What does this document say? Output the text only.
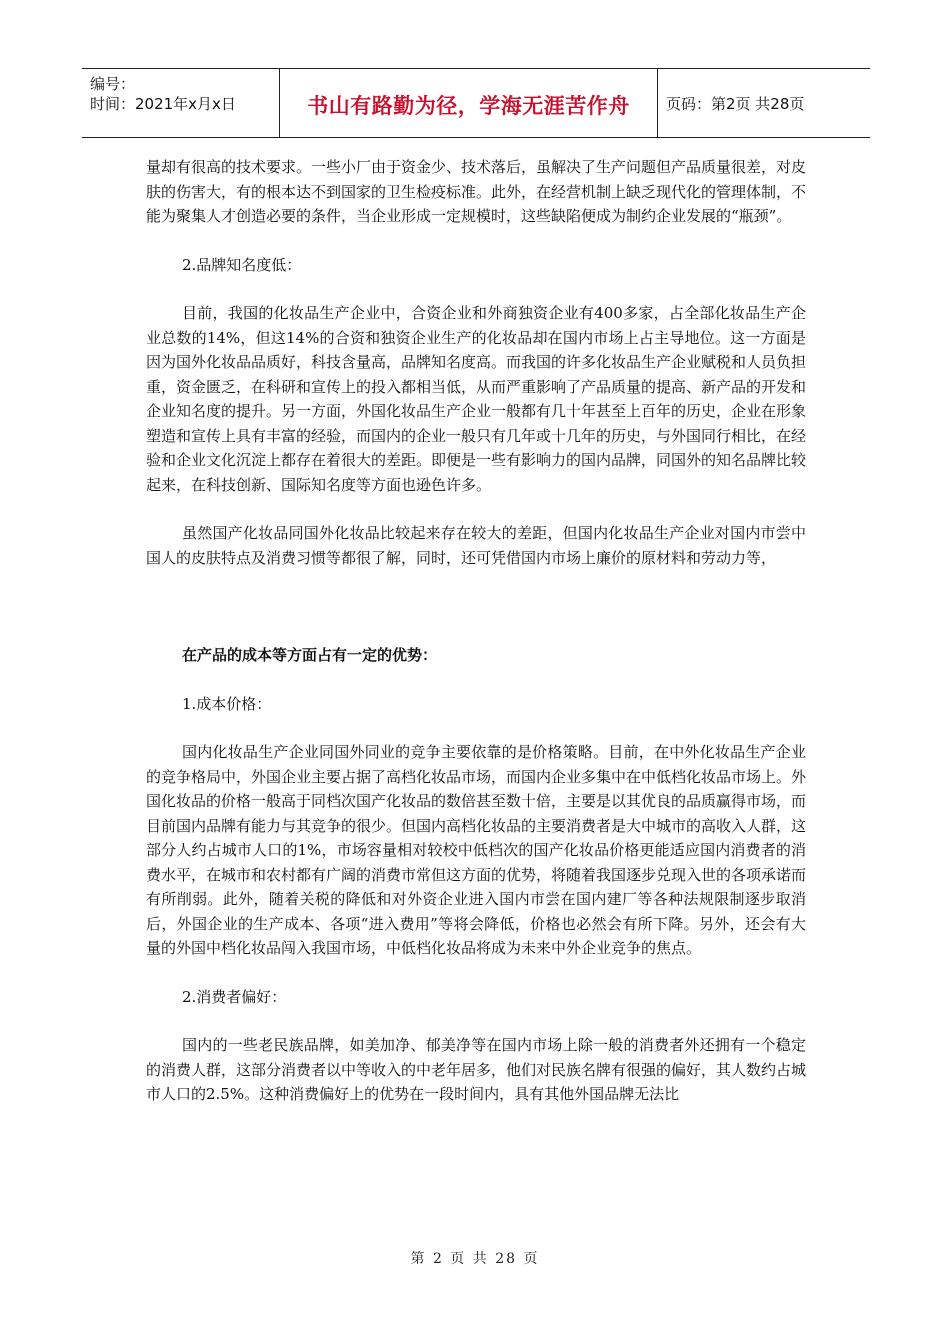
编号：
时间：2021年x月x日	书山有路勤为径，学海无涯苦作舟 页码：第2页 共28页

量却有很高的技术要求。一些小厂由于资金少、技术落后，虽解决了生产问题但产品质量很差，对皮肤的伤害大，有的根本达不到国家的卫生检疫标准。此外，在经营机制上缺乏现代化的管理体制，不能为聚集人才创造必要的条件，当企业形成一定规模时，这些缺陷便成为制约企业发展的“瓶颈”。

2.品牌知名度低：

目前，我国的化妆品生产企业中，合资企业和外商独资企业有400多家，占全部化妆品生产企业总数的14%，但这14%的合资和独资企业生产的化妆品却在国内市场上占主导地位。这一方面是因为国外化妆品品质好，科技含量高，品牌知名度高。而我国的许多化妆品生产企业赋税和人员负担重，资金匮乏，在科研和宣传上的投入都相当低，从而严重影响了产品质量的提高、新产品的开发和企业知名度的提升。另一方面，外国化妆品生产企业一般都有几十年甚至上百年的历史，企业在形象塑造和宣传上具有丰富的经验，而国内的企业一般只有几年或十几年的历史，与外国同行相比，在经验和企业文化沉淀上都存在着很大的差距。即便是一些有影响力的国内品牌，同国外的知名品牌比较起来，在科技创新、国际知名度等方面也逊色许多。

虽然国产化妆品同国外化妆品比较起来存在较大的差距，但国内化妆品生产企业对国内市尝中国人的皮肤特点及消费习惯等都很了解，同时，还可凭借国内市场上廉价的原材料和劳动力等，

在产品的成本等方面占有一定的优势：

1.成本价格：

国内化妆品生产企业同国外同业的竞争主要依靠的是价格策略。目前，在中外化妆品生产企业的竞争格局中，外国企业主要占据了高档化妆品市场，而国内企业多集中在中低档化妆品市场上。外国化妆品的价格一般高于同档次国产化妆品的数倍甚至数十倍，主要是以其优良的品质赢得市场，而目前国内品牌有能力与其竞争的很少。但国内高档化妆品的主要消费者是大中城市的高收入人群，这部分人约占城市人口的1%，市场容量相对较校中低档次的国产化妆品价格更能适应国内消费者的消费水平，在城市和农村都有广阔的消费市常但这方面的优势，将随着我国逐步兑现入世的各项承诺而有所削弱。此外，随着关税的降低和对外资企业进入国内市尝在国内建厂等各种法规限制逐步取消后，外国企业的生产成本、各项“进入费用”等将会降低，价格也必然会有所下降。另外，还会有大量的外国中档化妆品闯入我国市场，中低档化妆品将成为未来中外企业竞争的焦点。

2.消费者偏好：

国内的一些老民族品牌，如美加净、郁美净等在国内市场上除一般的消费者外还拥有一个稳定的消费人群，这部分消费者以中等收入的中老年居多，他们对民族名牌有很强的偏好，其人数约占城市人口的2.5%。这种消费偏好上的优势在一段时间内，具有其他外国品牌无法比

第 2 页 共 28 页
